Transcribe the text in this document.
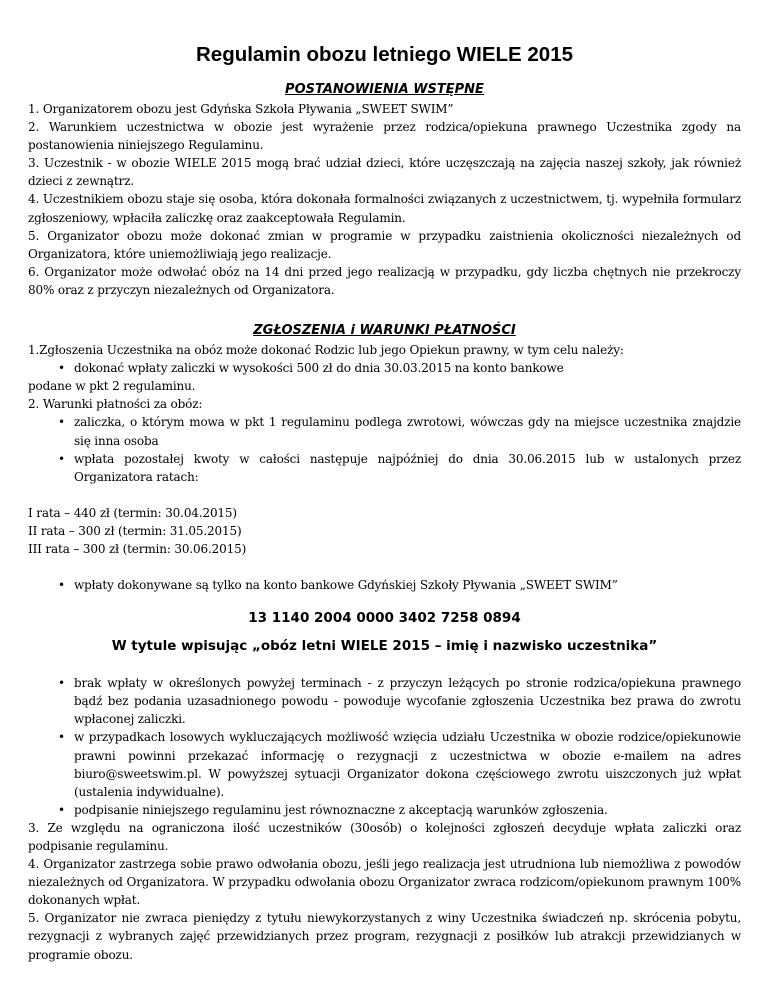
Regulamin obozu letniego WIELE 2015
POSTANOWIENIA WSTĘPNE

1. Organizatorem obozu jest Gdyńska Szkoła Pływania „SWEET SWIM”

2. Warunkiem uczestnictwa w obozie jest wyrażenie przez rodzica/opiekuna prawnego Uczestnika zgody na postanowienia niniejszego Regulaminu.

3. Uczestnik - w obozie WIELE 2015 mogą brać udział dzieci, które uczęszczają na zajęcia naszej szkoły, jak również dzieci z zewnątrz.

4. Uczestnikiem obozu staje się osoba, która dokonała formalności związanych z uczestnictwem, tj. wypełniła formularz zgłoszeniowy, wpłaciła zaliczkę oraz zaakceptowała Regulamin.

5. Organizator obozu może dokonać zmian w programie w przypadku zaistnienia okoliczności niezależnych od Organizatora, które uniemożliwiają jego realizacje.

6. Organizator może odwołać obóz na 14 dni przed jego realizacją w przypadku, gdy liczba chętnych nie przekroczy 80% oraz z przyczyn niezależnych od Organizatora.

ZGŁOSZENIA i WARUNKI PŁATNOŚCI

1.Zgłoszenia Uczestnika na obóz może dokonać Rodzic lub jego Opiekun prawny, w tym celu należy:

• dokonać wpłaty zaliczki w wysokości 500 zł do dnia 30.03.2015 na konto bankowe

podane w pkt 2 regulaminu.

2. Warunki płatności za obóz:

• zaliczka, o którym mowa w pkt 1 regulaminu podlega zwrotowi, wówczas gdy na miejsce uczestnika znajdzie się inna osoba
• wpłata pozostałej kwoty w całości następuje najpóźniej do dnia 30.06.2015 lub w ustalonych przez Organizatora ratach:

I rata – 440 zł (termin: 30.04.2015)

II rata – 300 zł (termin: 31.05.2015)

III rata – 300 zł (termin: 30.06.2015)

• wpłaty dokonywane są tylko na konto bankowe Gdyńskiej Szkoły Pływania „SWEET SWIM”

13 1140 2004 0000 3402 7258 0894

W tytule wpisując „obóz letni WIELE 2015 – imię i nazwisko uczestnika”

• brak wpłaty w określonych powyżej terminach - z przyczyn leżących po stronie rodzica/opiekuna prawnego bądź bez podania uzasadnionego powodu - powoduje wycofanie zgłoszenia Uczestnika bez prawa do zwrotu wpłaconej zaliczki.
• w przypadkach losowych wykluczających możliwość wzięcia udziału Uczestnika w obozie rodzice/opiekunowie prawni powinni przekazać informację o rezygnacji z uczestnictwa w obozie e-mailem na adres biuro@sweetswim.pl. W powyższej sytuacji Organizator dokona częściowego zwrotu uiszczonych już wpłat (ustalenia indywidualne).
• podpisanie niniejszego regulaminu jest równoznaczne z akceptacją warunków zgłoszenia.

3. Ze względu na ograniczona ilość uczestników (30osób) o kolejności zgłoszeń decyduje wpłata zaliczki oraz podpisanie regulaminu.

4. Organizator zastrzega sobie prawo odwołania obozu, jeśli jego realizacja jest utrudniona lub niemożliwa z powodów niezależnych od Organizatora. W przypadku odwołania obozu Organizator zwraca rodzicom/opiekunom prawnym 100% dokonanych wpłat.

5. Organizator nie zwraca pieniędzy z tytułu niewykorzystanych z winy Uczestnika świadczeń np. skrócenia pobytu, rezygnacji z wybranych zajęć przewidzianych przez program, rezygnacji z posiłków lub atrakcji przewidzianych w programie obozu.
